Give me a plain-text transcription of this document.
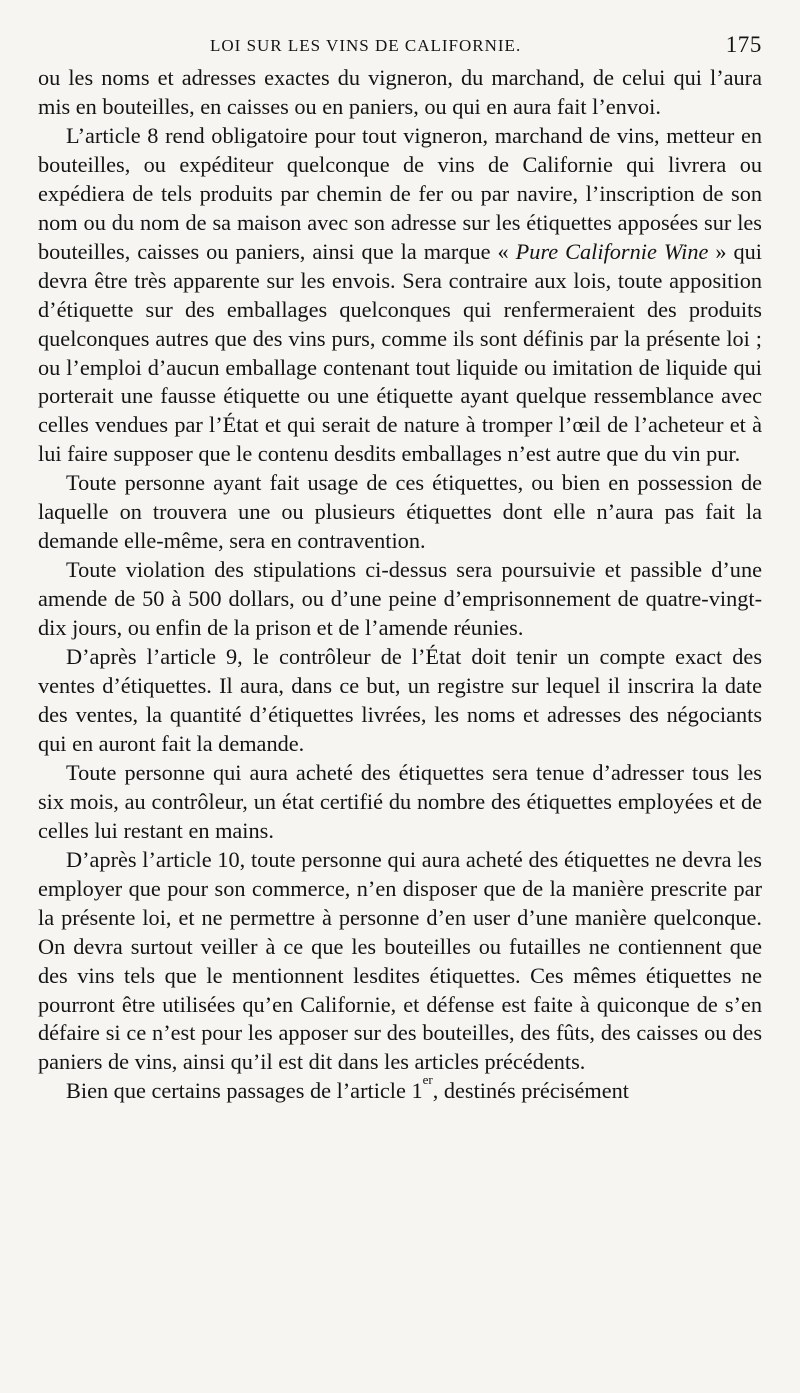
LOI SUR LES VINS DE CALIFORNIE.	175

ou les noms et adresses exactes du vigneron, du marchand, de celui qui l’aura mis en bouteilles, en caisses ou en paniers, ou qui en aura fait l’envoi.

L’article 8 rend obligatoire pour tout vigneron, marchand de vins, metteur en bouteilles, ou expéditeur quelconque de vins de Californie qui livrera ou expédiera de tels produits par chemin de fer ou par navire, l’inscription de son nom ou du nom de sa maison avec son adresse sur les étiquettes apposées sur les bouteilles, caisses ou paniers, ainsi que la marque « Pure Californie Wine » qui devra être très apparente sur les envois. Sera contraire aux lois, toute apposition d’étiquette sur des emballages quelconques qui renfermeraient des produits quelconques autres que des vins purs, comme ils sont définis par la présente loi ; ou l’emploi d’aucun emballage contenant tout liquide ou imitation de liquide qui porterait une fausse étiquette ou une étiquette ayant quelque ressemblance avec celles vendues par l’État et qui serait de nature à tromper l’œil de l’acheteur et à lui faire supposer que le contenu desdits emballages n’est autre que du vin pur.

Toute personne ayant fait usage de ces étiquettes, ou bien en possession de laquelle on trouvera une ou plusieurs étiquettes dont elle n’aura pas fait la demande elle-même, sera en contravention.

Toute violation des stipulations ci-dessus sera poursuivie et passible d’une amende de 50 à 500 dollars, ou d’une peine d’emprisonnement de quatre-vingt-dix jours, ou enfin de la prison et de l’amende réunies.

D’après l’article 9, le contrôleur de l’État doit tenir un compte exact des ventes d’étiquettes. Il aura, dans ce but, un registre sur lequel il inscrira la date des ventes, la quantité d’étiquettes livrées, les noms et adresses des négociants qui en auront fait la demande.

Toute personne qui aura acheté des étiquettes sera tenue d’adresser tous les six mois, au contrôleur, un état certifié du nombre des étiquettes employées et de celles lui restant en mains.

D’après l’article 10, toute personne qui aura acheté des étiquettes ne devra les employer que pour son commerce, n’en disposer que de la manière prescrite par la présente loi, et ne permettre à personne d’en user d’une manière quelconque. On devra surtout veiller à ce que les bouteilles ou futailles ne contiennent que des vins tels que le mentionnent lesdites étiquettes. Ces mêmes étiquettes ne pourront être utilisées qu’en Californie, et défense est faite à quiconque de s’en défaire si ce n’est pour les apposer sur des bouteilles, des fûts, des caisses ou des paniers de vins, ainsi qu’il est dit dans les articles précédents.

Bien que certains passages de l’article 1er, destinés précisément
